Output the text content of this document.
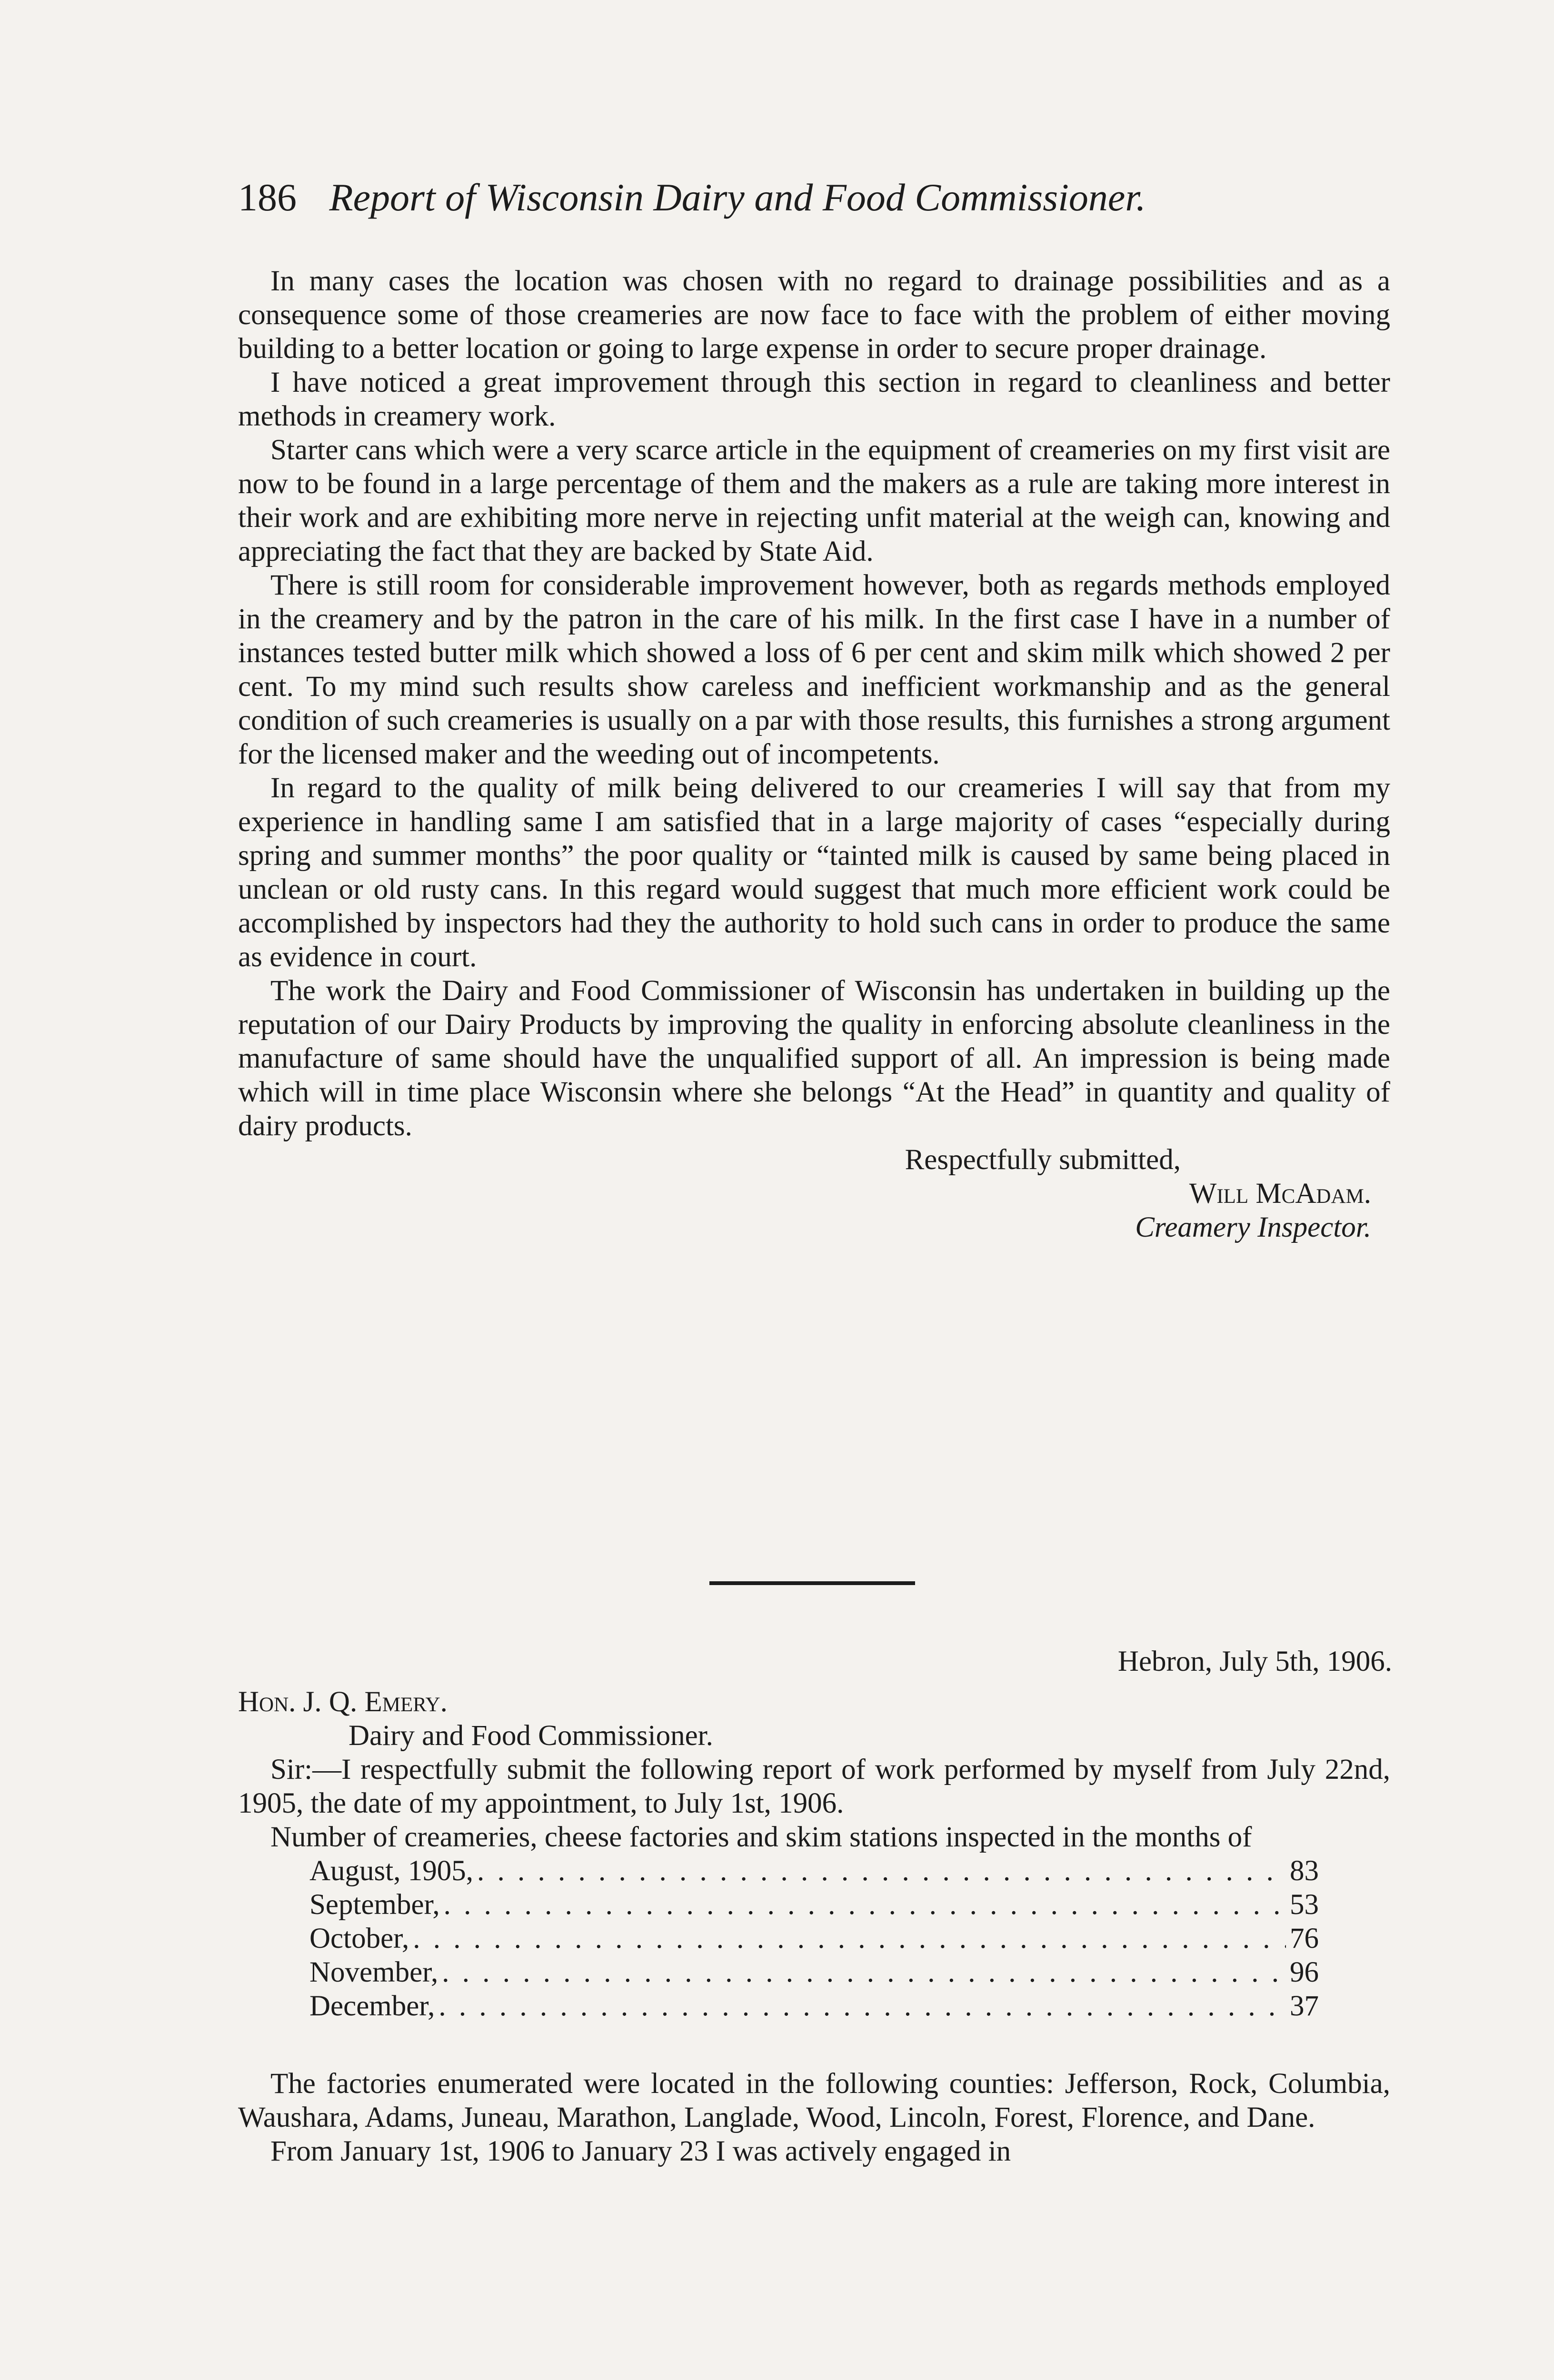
186 Report of Wisconsin Dairy and Food Commissioner.

In many cases the location was chosen with no regard to drainage possibilities and as a consequence some of those creameries are now face to face with the problem of either moving building to a better location or going to large expense in order to secure proper drainage.

I have noticed a great improvement through this section in regard to cleanliness and better methods in creamery work.

Starter cans which were a very scarce article in the equipment of creameries on my first visit are now to be found in a large percentage of them and the makers as a rule are taking more interest in their work and are exhibiting more nerve in rejecting unfit material at the weigh can, knowing and appreciating the fact that they are backed by State Aid.

There is still room for considerable improvement however, both as regards methods employed in the creamery and by the patron in the care of his milk. In the first case I have in a number of instances tested butter milk which showed a loss of 6 per cent and skim milk which showed 2 per cent. To my mind such results show careless and inefficient workmanship and as the general condition of such creameries is usually on a par with those results, this furnishes a strong argument for the licensed maker and the weeding out of incompetents.

In regard to the quality of milk being delivered to our creameries I will say that from my experience in handling same I am satisfied that in a large majority of cases “especially during spring and summer months” the poor quality or “tainted milk is caused by same being placed in unclean or old rusty cans. In this regard would suggest that much more efficient work could be accomplished by inspectors had they the authority to hold such cans in order to produce the same as evidence in court.

The work the Dairy and Food Commissioner of Wisconsin has undertaken in building up the reputation of our Dairy Products by improving the quality in enforcing absolute cleanliness in the manufacture of same should have the unqualified support of all. An impression is being made which will in time place Wisconsin where she belongs “At the Head” in quantity and quality of dairy products.

Respectfully submitted,
Will McAdam.
Creamery Inspector.
Hebron, July 5th, 1906.

Hon. J. Q. Emery.

Dairy and Food Commissioner.

Sir:—I respectfully submit the following report of work performed by myself from July 22nd, 1905, the date of my appointment, to July 1st, 1906.

Number of creameries, cheese factories and skim stations inspected in the months of

August, 1905, . . .	83
September, . . .	53
October, . . .	76
November, . . .	96
December, . . .	37

The factories enumerated were located in the following counties: Jefferson, Rock, Columbia, Waushara, Adams, Juneau, Marathon, Langlade, Wood, Lincoln, Forest, Florence, and Dane.

From January 1st, 1906 to January 23 I was actively engaged in
